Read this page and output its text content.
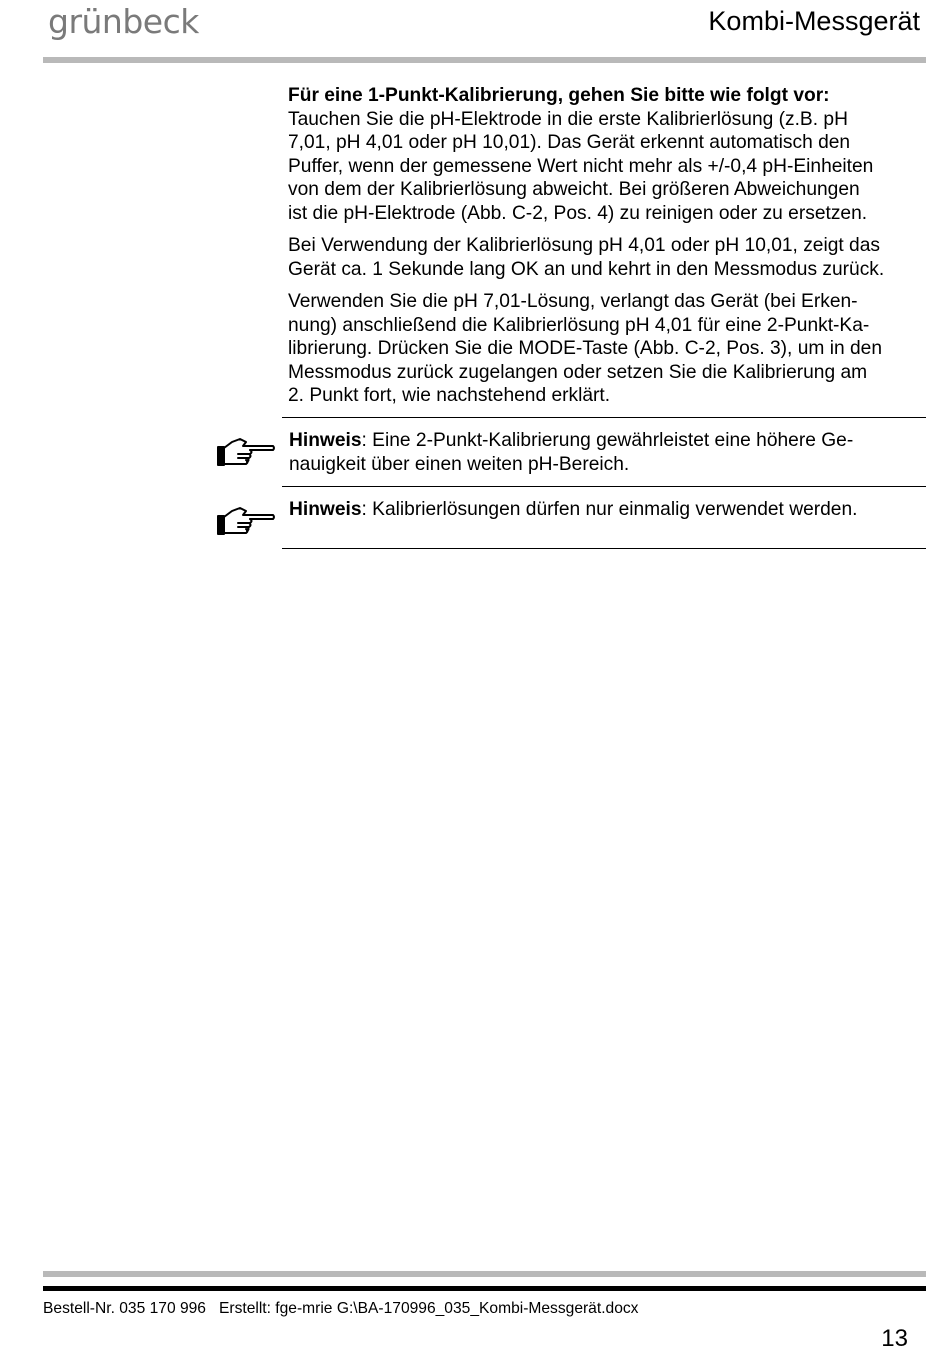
grünbeck	Kombi-Messgerät

Für eine 1-Punkt-Kalibrierung, gehen Sie bitte wie folgt vor:
Tauchen Sie die pH-Elektrode in die erste Kalibrierlösung (z.B. pH
7,01, pH 4,01 oder pH 10,01). Das Gerät erkennt automatisch den
Puffer, wenn der gemessene Wert nicht mehr als +/-0,4 pH-Einheiten
von dem der Kalibrierlösung abweicht. Bei größeren Abweichungen
ist die pH-Elektrode (Abb. C-2, Pos. 4) zu reinigen oder zu ersetzen.

Bei Verwendung der Kalibrierlösung pH 4,01 oder pH 10,01, zeigt das
Gerät ca. 1 Sekunde lang OK an und kehrt in den Messmodus zurück.

Verwenden Sie die pH 7,01-Lösung, verlangt das Gerät (bei Erken-
nung) anschließend die Kalibrierlösung pH 4,01 für eine 2-Punkt-Ka-
librierung. Drücken Sie die MODE-Taste (Abb. C-2, Pos. 3), um in den
Messmodus zurück zugelangen oder setzen Sie die Kalibrierung am
2. Punkt fort, wie nachstehend erklärt.

Hinweis: Eine 2-Punkt-Kalibrierung gewährleistet eine höhere Ge-
nauigkeit über einen weiten pH-Bereich.
Hinweis: Kalibrierlösungen dürfen nur einmalig verwendet werden.
Bestell-Nr. 035 170 996   Erstellt: fge-mrie G:\BA-170996_035_Kombi-Messgerät.docx
13
